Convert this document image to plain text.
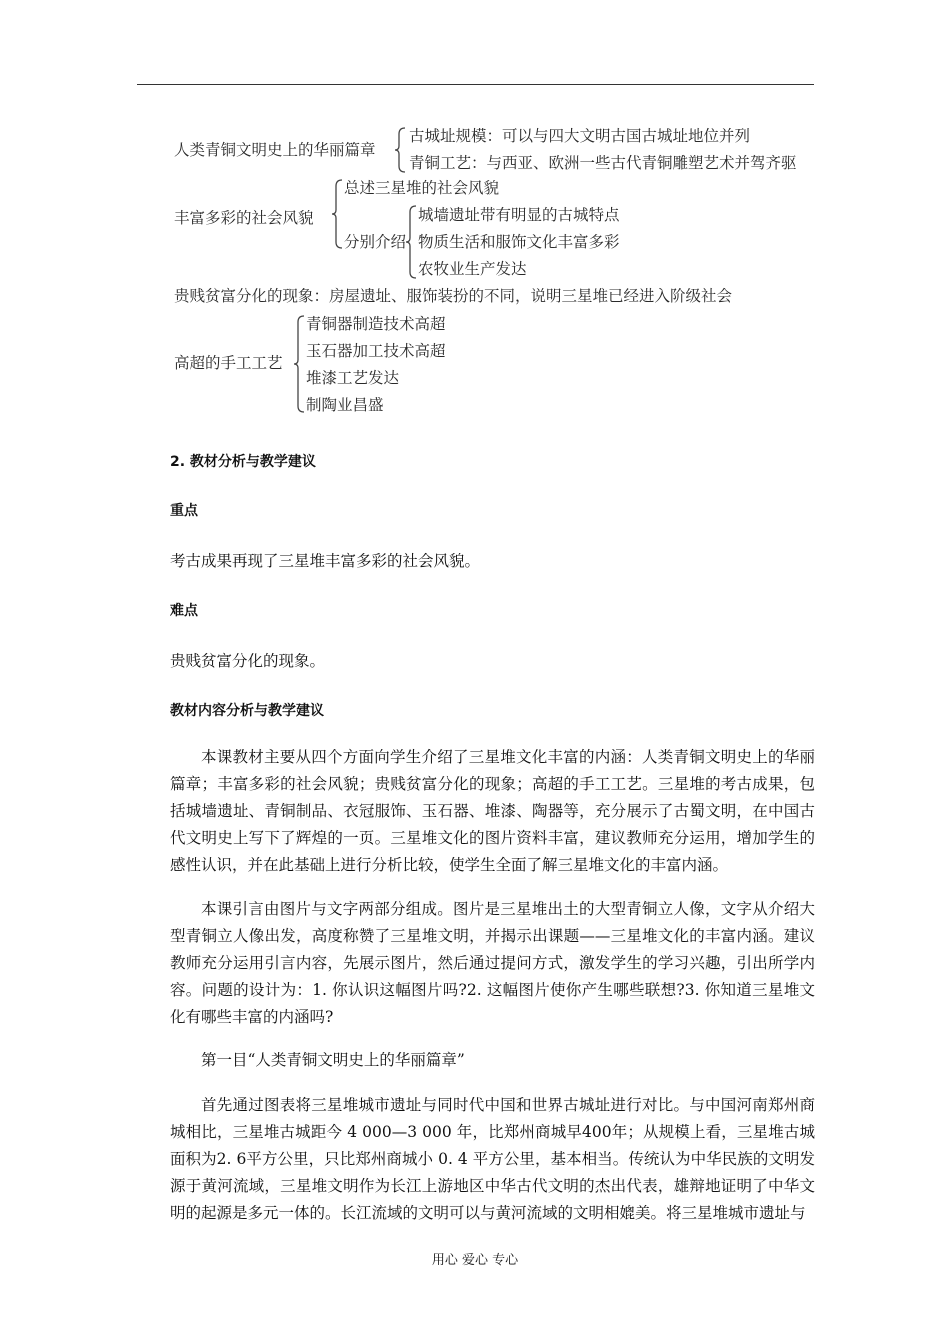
人类青铜文明史上的华丽篇章
古城址规模：可以与四大文明古国古城址地位并列
青铜工艺：与西亚、欧洲一些古代青铜雕塑艺术并驾齐驱
丰富多彩的社会风貌
总述三星堆的社会风貌
分别介绍
城墙遗址带有明显的古城特点
物质生活和服饰文化丰富多彩
农牧业生产发达
贵贱贫富分化的现象：房屋遗址、服饰装扮的不同，说明三星堆已经进入阶级社会
高超的手工工艺
青铜器制造技术高超
玉石器加工技术高超
堆漆工艺发达
制陶业昌盛
2. 教材分析与教学建议
重点
考古成果再现了三星堆丰富多彩的社会风貌。
难点
贵贱贫富分化的现象。
教材内容分析与教学建议
本课教材主要从四个方面向学生介绍了三星堆文化丰富的内涵：人类青铜文明史上的华丽篇章；丰富多彩的社会风貌；贵贱贫富分化的现象；高超的手工工艺。三星堆的考古成果，包括城墙遗址、青铜制品、衣冠服饰、玉石器、堆漆、陶器等，充分展示了古蜀文明，在中国古代文明史上写下了辉煌的一页。三星堆文化的图片资料丰富，建议教师充分运用，增加学生的感性认识，并在此基础上进行分析比较，使学生全面了解三星堆文化的丰富内涵。
本课引言由图片与文字两部分组成。图片是三星堆出土的大型青铜立人像，文字从介绍大型青铜立人像出发，高度称赞了三星堆文明，并揭示出课题——三星堆文化的丰富内涵。建议教师充分运用引言内容，先展示图片，然后通过提问方式，激发学生的学习兴趣，引出所学内容。问题的设计为：1. 你认识这幅图片吗?2. 这幅图片使你产生哪些联想?3. 你知道三星堆文化有哪些丰富的内涵吗?
第一目“人类青铜文明史上的华丽篇章”
首先通过图表将三星堆城市遗址与同时代中国和世界古城址进行对比。与中国河南郑州商城相比，三星堆古城距今 4 000—3 000 年，比郑州商城早400年；从规模上看，三星堆古城面积为2. 6平方公里，只比郑州商城小 0. 4 平方公里，基本相当。传统认为中华民族的文明发源于黄河流域，三星堆文明作为长江上游地区中华古代文明的杰出代表，雄辩地证明了中华文明的起源是多元一体的。长江流域的文明可以与黄河流域的文明相媲美。将三星堆城市遗址与
用心 爱心 专心
